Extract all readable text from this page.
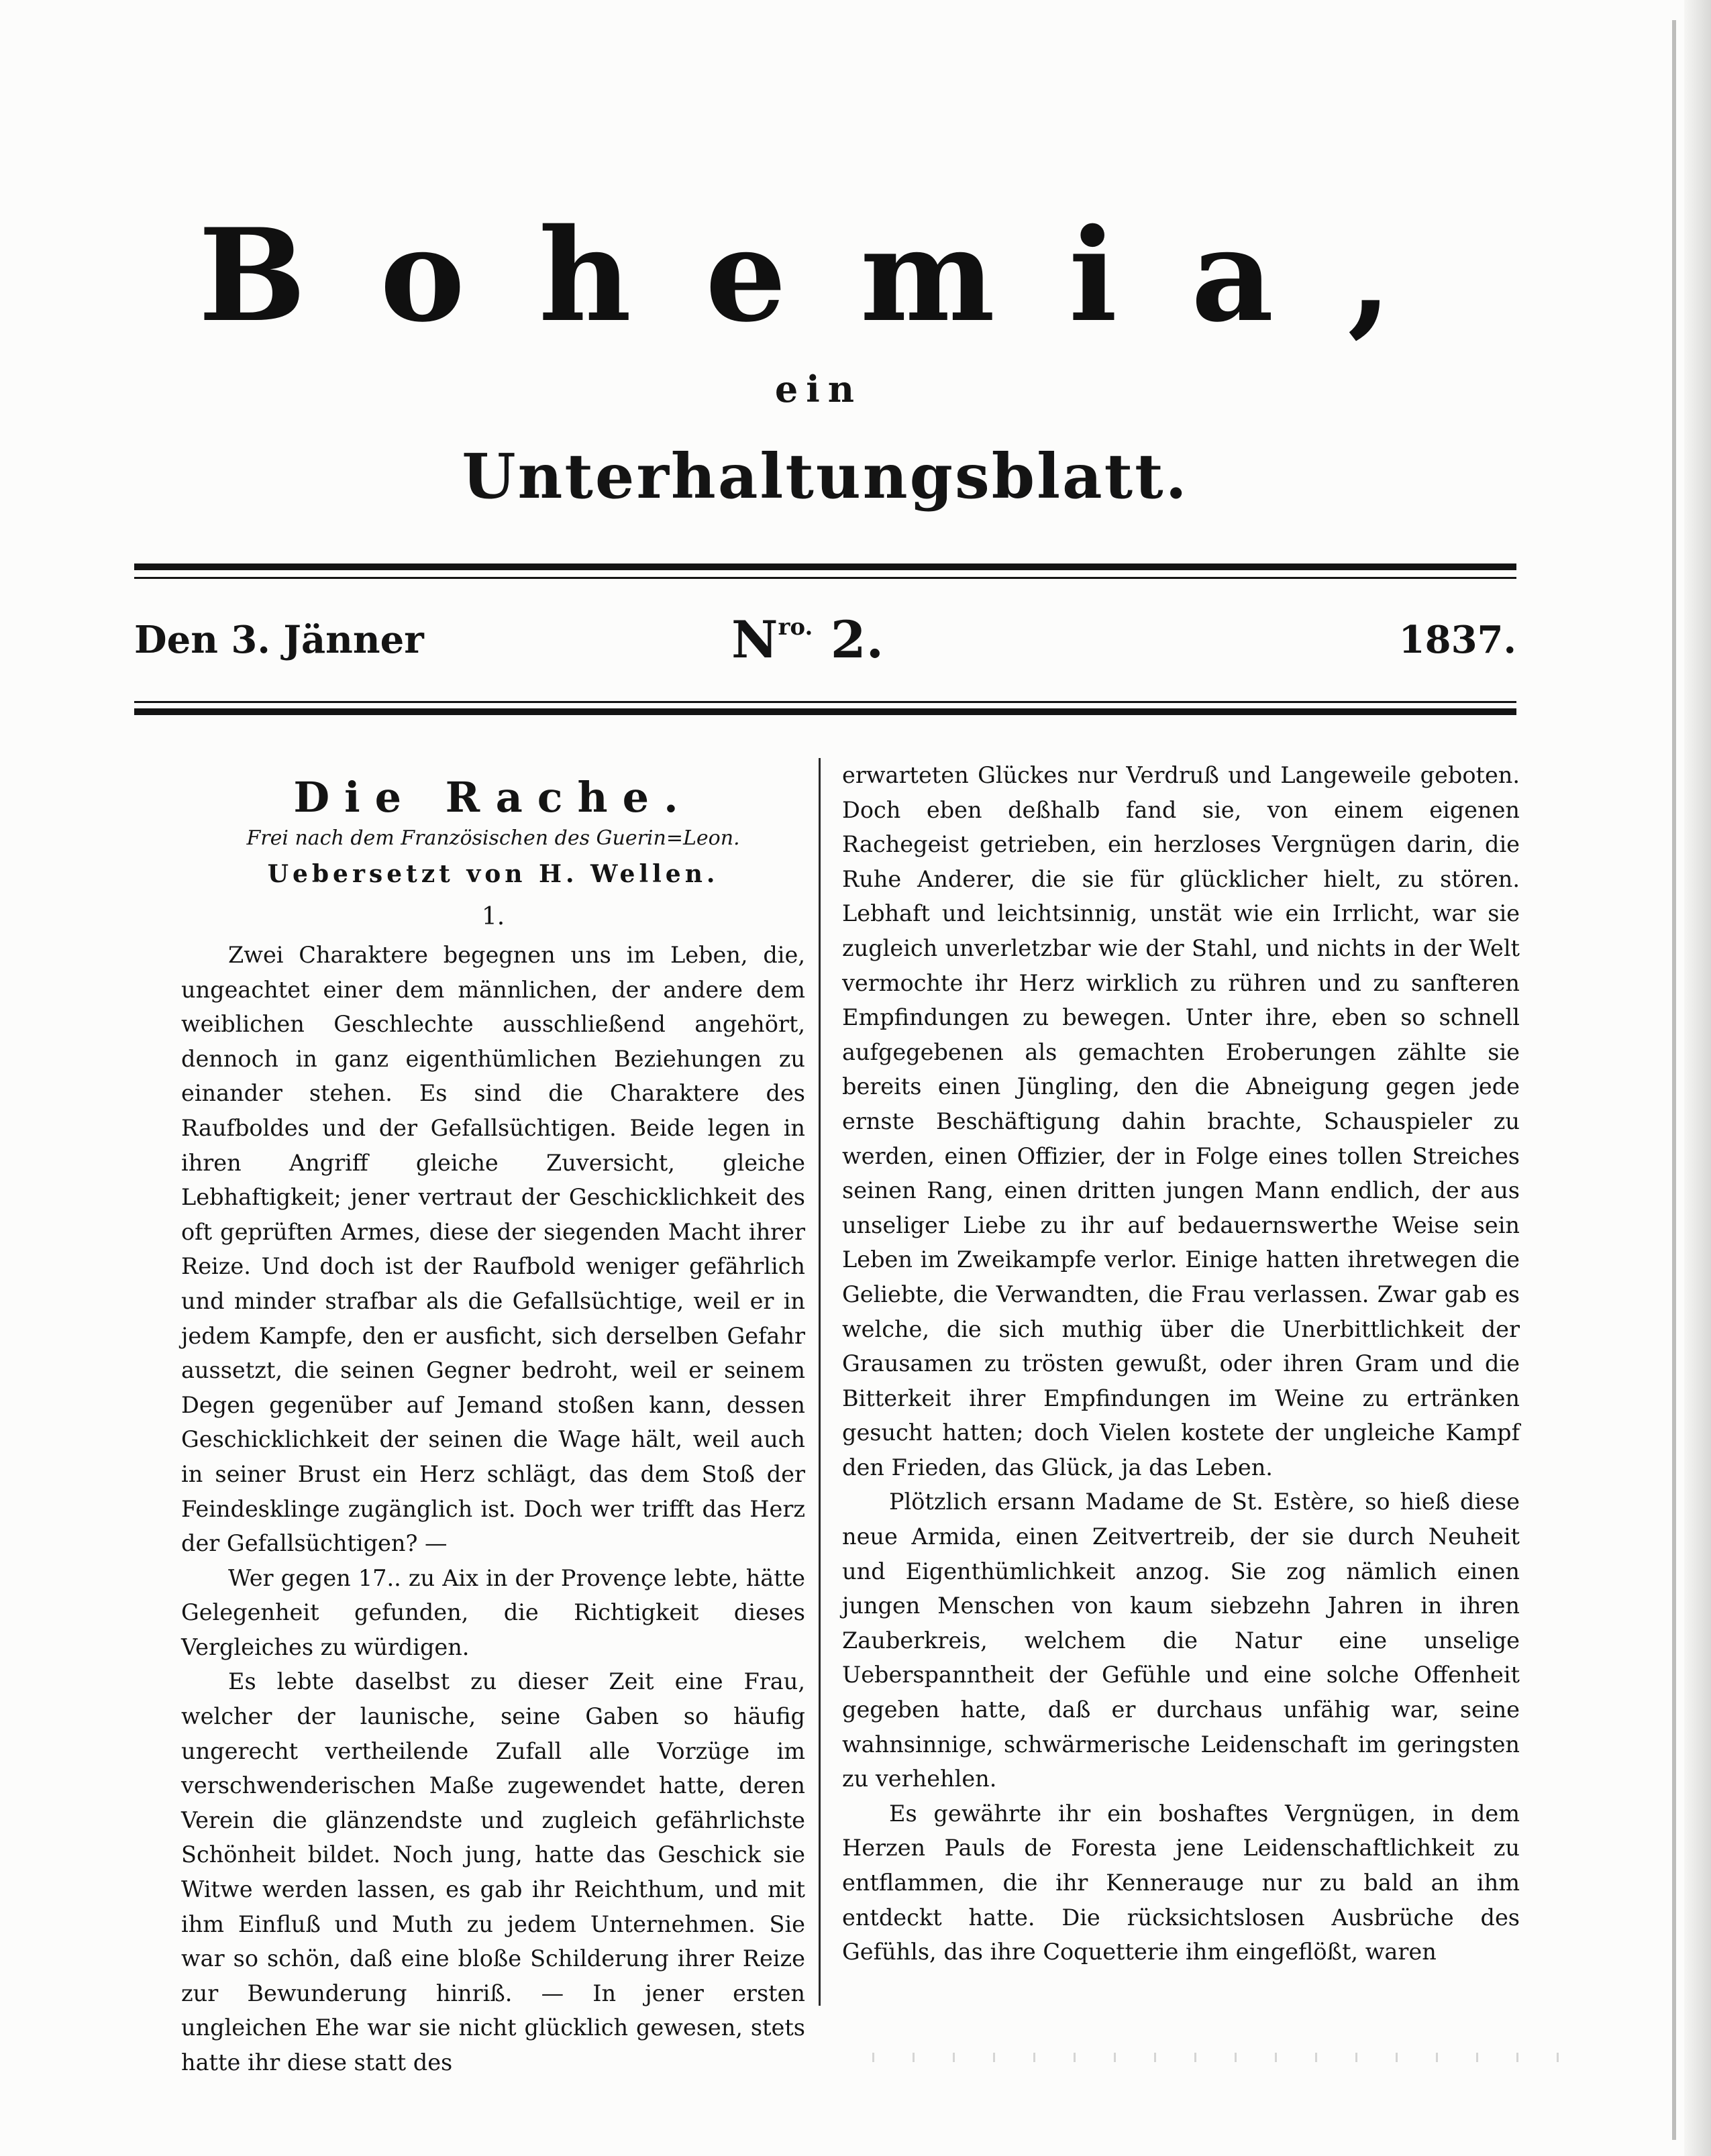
Bohemia,
ein
Unterhaltungsblatt.
Den 3. Jänner	$N^{ro.}$ 2.	1837.
Die Rache.
Frei nach dem Französischen des Guerin=Leon.
Uebersetzt von H. Wellen.
1.

Zwei Charaktere begegnen uns im Leben, die, ungeachtet einer dem männlichen, der andere dem weiblichen Geschlechte ausschließend angehört, dennoch in ganz eigenthümlichen Beziehungen zu einander stehen. Es sind die Charaktere des Raufboldes und der Gefallsüchtigen. Beide legen in ihren Angriff gleiche Zuversicht, gleiche Lebhaftigkeit; jener vertraut der Geschicklichkeit des oft geprüften Armes, diese der siegenden Macht ihrer Reize. Und doch ist der Raufbold weniger gefährlich und minder strafbar als die Gefallsüchtige, weil er in jedem Kampfe, den er ausficht, sich derselben Gefahr aussetzt, die seinen Gegner bedroht, weil er seinem Degen gegenüber auf Jemand stoßen kann, dessen Geschicklichkeit der seinen die Wage hält, weil auch in seiner Brust ein Herz schlägt, das dem Stoß der Feindesklinge zugänglich ist. Doch wer trifft das Herz der Gefallsüchtigen? —

Wer gegen 17.. zu Aix in der Provençe lebte, hätte Gelegenheit gefunden, die Richtigkeit dieses Vergleiches zu würdigen.

Es lebte daselbst zu dieser Zeit eine Frau, welcher der launische, seine Gaben so häufig ungerecht vertheilende Zufall alle Vorzüge im verschwenderischen Maße zugewendet hatte, deren Verein die glänzendste und zugleich gefährlichste Schönheit bildet. Noch jung, hatte das Geschick sie Witwe werden lassen, es gab ihr Reichthum, und mit ihm Einfluß und Muth zu jedem Unternehmen. Sie war so schön, daß eine bloße Schilderung ihrer Reize zur Bewunderung hinriß. — In jener ersten ungleichen Ehe war sie nicht glücklich gewesen, stets hatte ihr diese statt des

erwarteten Glückes nur Verdruß und Langeweile geboten. Doch eben deßhalb fand sie, von einem eigenen Rachegeist getrieben, ein herzloses Vergnügen darin, die Ruhe Anderer, die sie für glücklicher hielt, zu stören. Lebhaft und leichtsinnig, unstät wie ein Irrlicht, war sie zugleich unverletzbar wie der Stahl, und nichts in der Welt vermochte ihr Herz wirklich zu rühren und zu sanfteren Empfindungen zu bewegen. Unter ihre, eben so schnell aufgegebenen als gemachten Eroberungen zählte sie bereits einen Jüngling, den die Abneigung gegen jede ernste Beschäftigung dahin brachte, Schauspieler zu werden, einen Offizier, der in Folge eines tollen Streiches seinen Rang, einen dritten jungen Mann endlich, der aus unseliger Liebe zu ihr auf bedauernswerthe Weise sein Leben im Zweikampfe verlor. Einige hatten ihretwegen die Geliebte, die Verwandten, die Frau verlassen. Zwar gab es welche, die sich muthig über die Unerbittlichkeit der Grausamen zu trösten gewußt, oder ihren Gram und die Bitterkeit ihrer Empfindungen im Weine zu ertränken gesucht hatten; doch Vielen kostete der ungleiche Kampf den Frieden, das Glück, ja das Leben.

Plötzlich ersann Madame de St. Estère, so hieß diese neue Armida, einen Zeitvertreib, der sie durch Neuheit und Eigenthümlichkeit anzog. Sie zog nämlich einen jungen Menschen von kaum siebzehn Jahren in ihren Zauberkreis, welchem die Natur eine unselige Ueberspanntheit der Gefühle und eine solche Offenheit gegeben hatte, daß er durchaus unfähig war, seine wahnsinnige, schwärmerische Leidenschaft im geringsten zu verhehlen.

Es gewährte ihr ein boshaftes Vergnügen, in dem Herzen Pauls de Foresta jene Leidenschaftlichkeit zu entflammen, die ihr Kennerauge nur zu bald an ihm entdeckt hatte. Die rücksichtslosen Ausbrüche des Gefühls, das ihre Coquetterie ihm eingeflößt, waren
